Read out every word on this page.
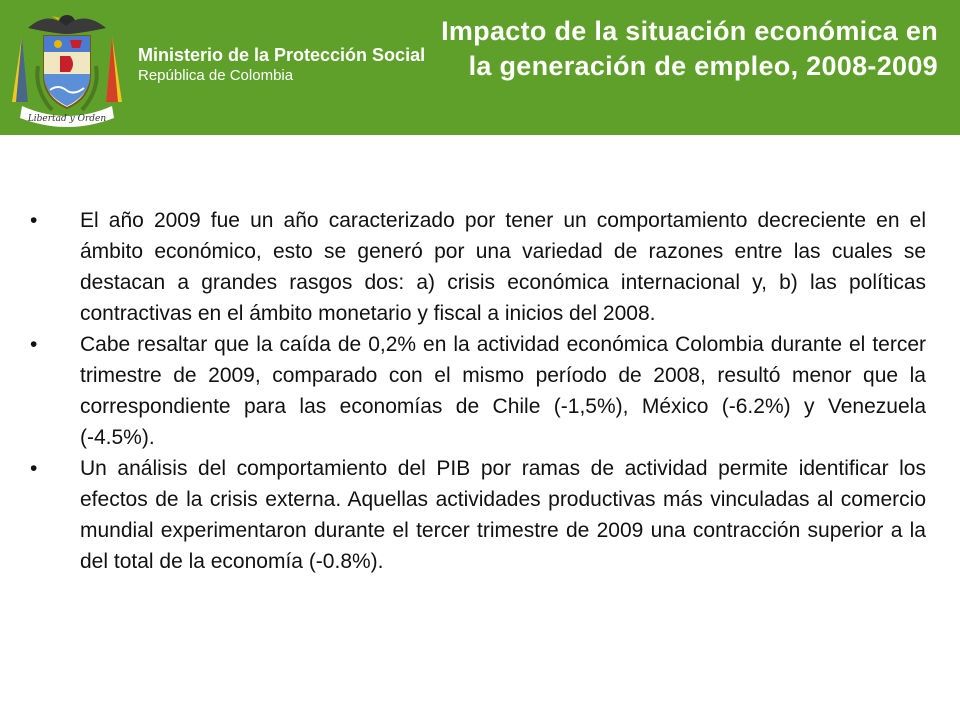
Libertad y Orden
Ministerio de la Protección Social
República de Colombia
Impacto de la situación económica en la generación de empleo, 2008-2009
•	El año 2009 fue un año caracterizado por tener un comportamiento decreciente en el ámbito económico, esto se generó por una variedad de razones entre las cuales se destacan a grandes rasgos dos: a) crisis económica internacional y, b) las políticas contractivas en el ámbito monetario y fiscal a inicios del 2008.
•	Cabe resaltar que la caída de 0,2% en la actividad económica Colombia durante el tercer trimestre de 2009, comparado con el mismo período de 2008, resultó menor que la correspondiente para las economías de Chile (-1,5%), México (-6.2%) y Venezuela (-4.5%).
•	Un análisis del comportamiento del PIB por ramas de actividad permite identificar los efectos de la crisis externa. Aquellas actividades productivas más vinculadas al comercio mundial experimentaron durante el tercer trimestre de 2009 una contracción superior a la del total de la economía (-0.8%).
